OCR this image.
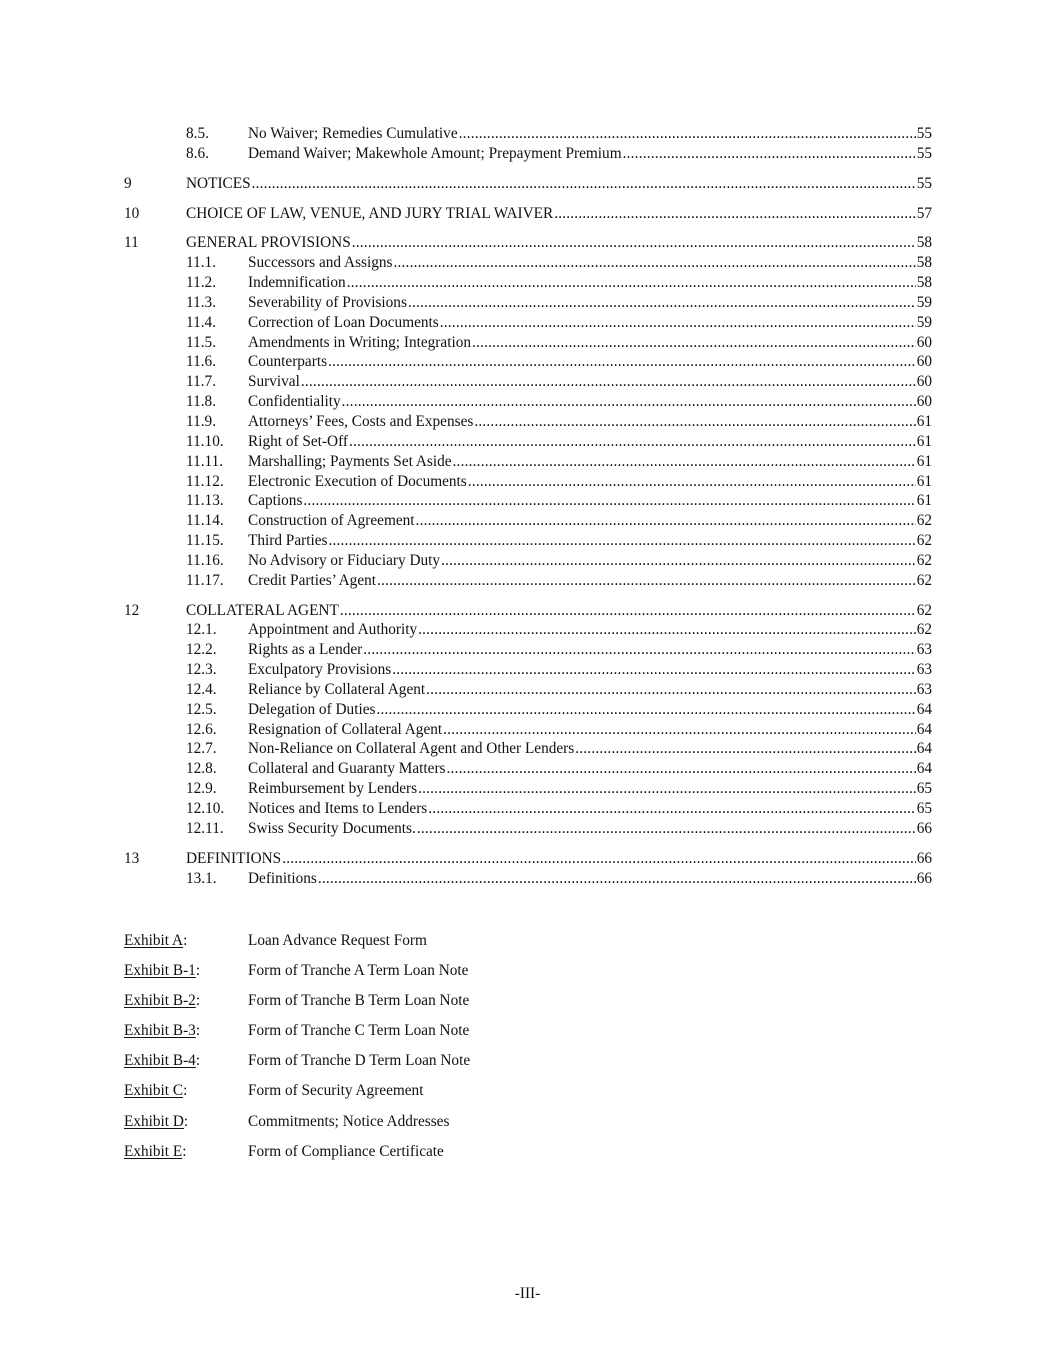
8.5.	No Waiver; Remedies Cumulative .....	55
8.6.	Demand Waiver; Makewhole Amount; Prepayment Premium .....	55
9	NOTICES .....	55
10	CHOICE OF LAW, VENUE, AND JURY TRIAL WAIVER .....	57
11	GENERAL PROVISIONS .....	58
11.1.	Successors and Assigns .....	58
11.2.	Indemnification .....	58
11.3.	Severability of Provisions .....	59
11.4.	Correction of Loan Documents .....	59
11.5.	Amendments in Writing; Integration .....	60
11.6.	Counterparts .....	60
11.7.	Survival .....	60
11.8.	Confidentiality .....	60
11.9.	Attorneys’ Fees, Costs and Expenses .....	61
11.10.	Right of Set-Off .....	61
11.11.	Marshalling; Payments Set Aside .....	61
11.12.	Electronic Execution of Documents .....	61
11.13.	Captions .....	61
11.14.	Construction of Agreement .....	62
11.15.	Third Parties .....	62
11.16.	No Advisory or Fiduciary Duty .....	62
11.17.	Credit Parties’ Agent .....	62
12	COLLATERAL AGENT .....	62
12.1.	Appointment and Authority .....	62
12.2.	Rights as a Lender .....	63
12.3.	Exculpatory Provisions .....	63
12.4.	Reliance by Collateral Agent .....	63
12.5.	Delegation of Duties .....	64
12.6.	Resignation of Collateral Agent .....	64
12.7.	Non-Reliance on Collateral Agent and Other Lenders .....	64
12.8.	Collateral and Guaranty Matters .....	64
12.9.	Reimbursement by Lenders .....	65
12.10.	Notices and Items to Lenders .....	65
12.11.	Swiss Security Documents. .....	66
13	DEFINITIONS .....	66
13.1.	Definitions .....	66
Exhibit A:	Loan Advance Request Form
Exhibit B-1:	Form of Tranche A Term Loan Note
Exhibit B-2:	Form of Tranche B Term Loan Note
Exhibit B-3:	Form of Tranche C Term Loan Note
Exhibit B-4:	Form of Tranche D Term Loan Note
Exhibit C:	Form of Security Agreement
Exhibit D:	Commitments; Notice Addresses
Exhibit E:	Form of Compliance Certificate
-III-
